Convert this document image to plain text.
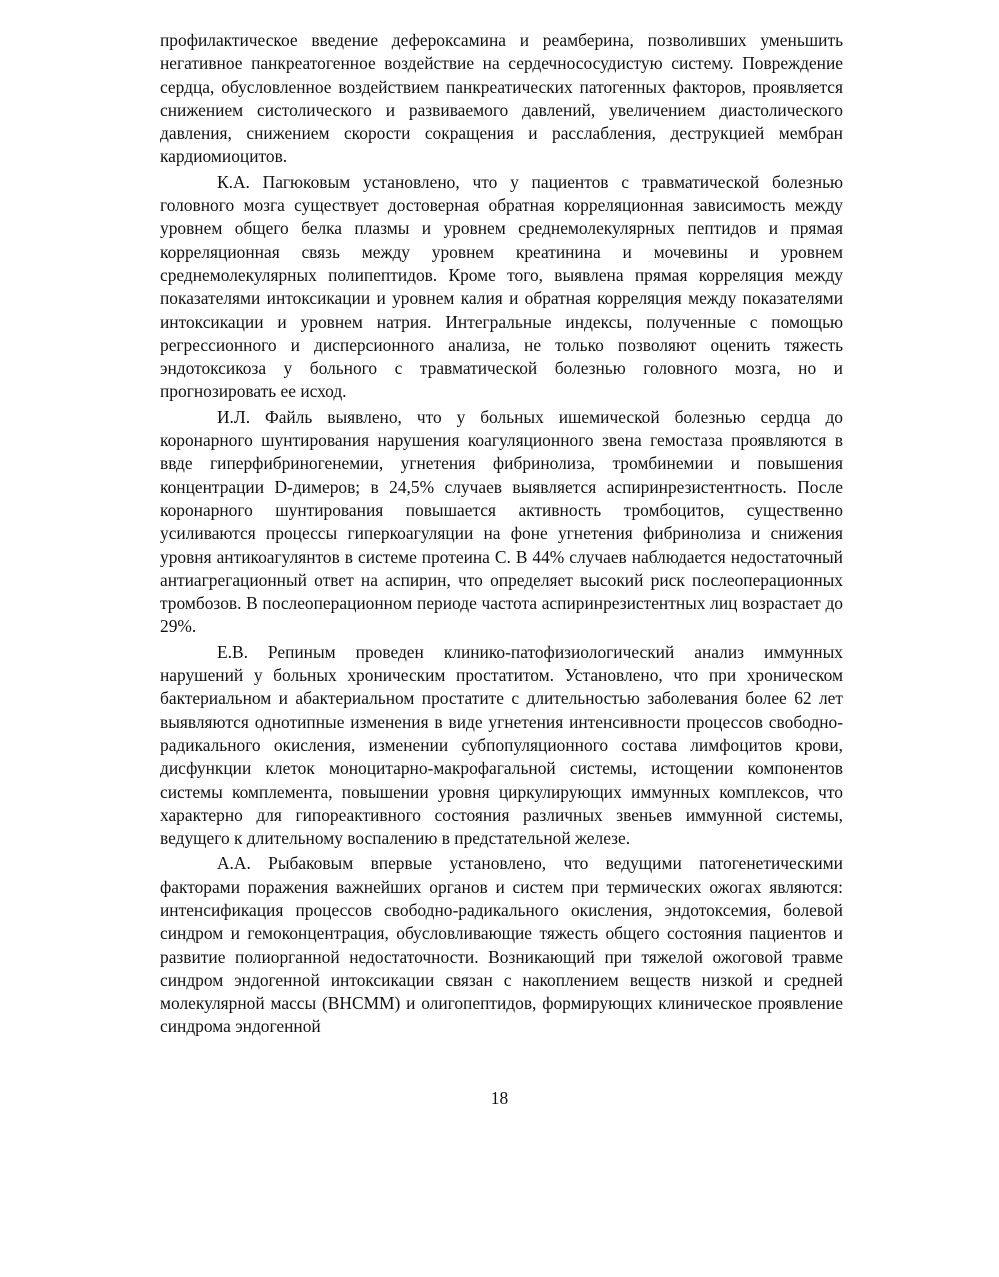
профилактическое введение дефероксамина и реамберина, позволивших уменьшить негативное панкреатогенное воздействие на сердечнососудистую систему. Повреждение сердца, обусловленное воздействием панкреатических патогенных факторов, проявляется снижением систолического и развиваемого давлений, увеличением диастолического давления, снижением скорости сокращения и расслабления, деструкцией мембран кардиомиоцитов.

К.А. Пагюковым установлено, что у пациентов с травматической болезнью головного мозга существует достоверная обратная корреляционная зависимость между уровнем общего белка плазмы и уровнем среднемолекулярных пептидов и прямая корреляционная связь между уровнем креатинина и мочевины и уровнем среднемолекулярных полипептидов. Кроме того, выявлена прямая корреляция между показателями интоксикации и уровнем калия и обратная корреляция между показателями интоксикации и уровнем натрия. Интегральные индексы, полученные с помощью регрессионного и дисперсионного анализа, не только позволяют оценить тяжесть эндотоксикоза у больного с травматической болезнью головного мозга, но и прогнозировать ее исход.

И.Л. Файль выявлено, что у больных ишемической болезнью сердца до коронарного шунтирования нарушения коагуляционного звена гемостаза проявляются в ввде гиперфибриногенемии, угнетения фибринолиза, тромбинемии и повышения концентрации D-димеров; в 24,5% случаев выявляется аспиринрезистентность. После коронарного шунтирования повышается активность тромбоцитов, существенно усиливаются процессы гиперкоагуляции на фоне угнетения фибринолиза и снижения уровня антикоагулянтов в системе протеина С. В 44% случаев наблюдается недостаточный антиагрегационный ответ на аспирин, что определяет высокий риск послеоперационных тромбозов. В послеоперационном периоде частота аспиринрезистентных лиц возрастает до 29%.

Е.В. Репиным проведен клинико-патофизиологический анализ иммунных нарушений у больных хроническим простатитом. Установлено, что при хроническом бактериальном и абактериальном простатите с длительностью заболевания более 62 лет выявляются однотипные изменения в виде угнетения интенсивности процессов свободно-радикального окисления, изменении субпопуляционного состава лимфоцитов крови, дисфункции клеток моноцитарно-макрофагальной системы, истощении компонентов системы комплемента, повышении уровня циркулирующих иммунных комплексов, что характерно для гипореактивного состояния различных звеньев иммунной системы, ведущего к длительному воспалению в предстательной железе.

А.А. Рыбаковым впервые установлено, что ведущими патогенетическими факторами поражения важнейших органов и систем при термических ожогах являются: интенсификация процессов свободно-радикального окисления, эндотоксемия, болевой синдром и гемоконцентрация, обусловливающие тяжесть общего состояния пациентов и развитие полиорганной недостаточности. Возникающий при тяжелой ожоговой травме синдром эндогенной интоксикации связан с накоплением веществ низкой и средней молекулярной массы (ВНСММ) и олигопептидов, формирующих клиническое проявление синдрома эндогенной

18
